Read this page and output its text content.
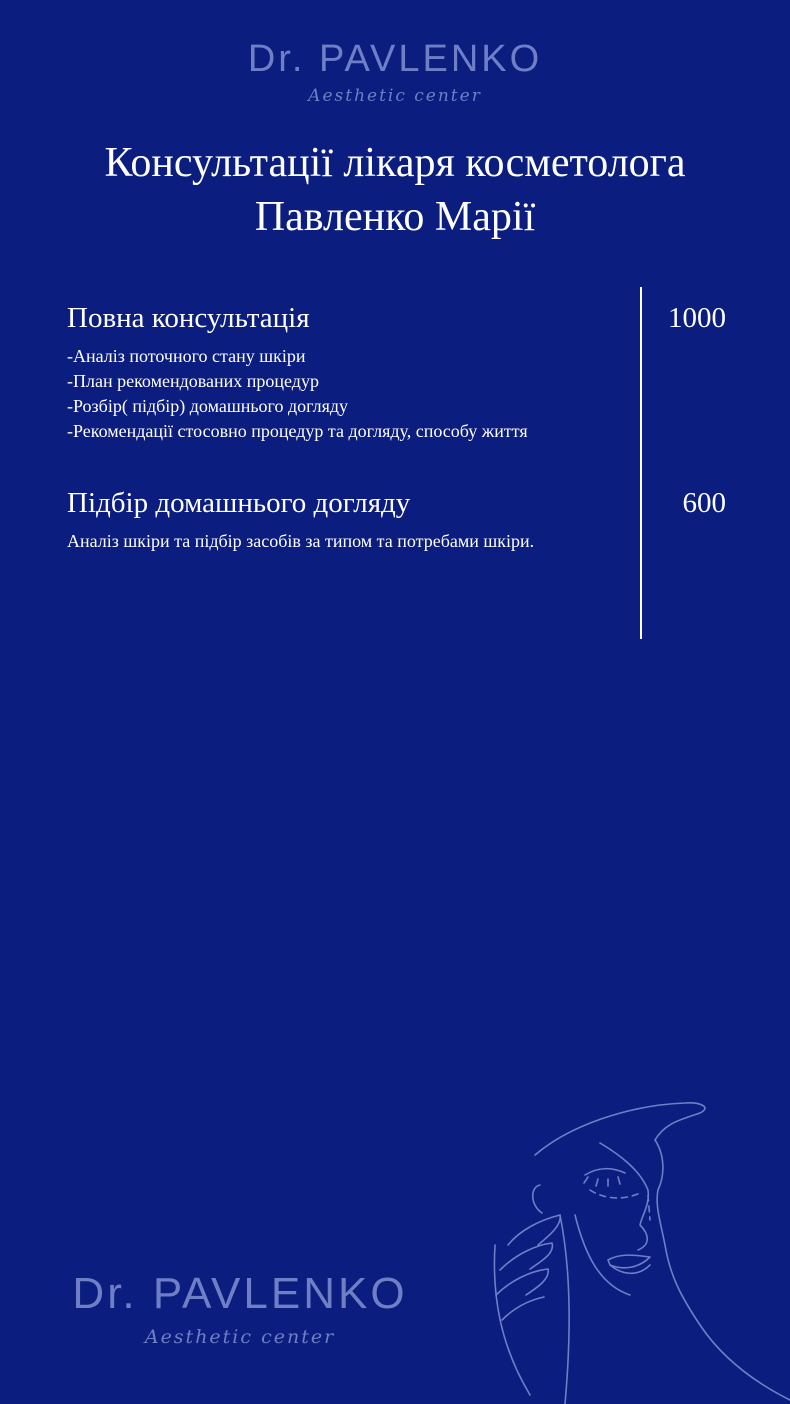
Dr. PAVLENKO
Aesthetic center
Консультації лікаря косметолога
Павленко Марії
Повна консультація
-Аналіз поточного стану шкіри
-План рекомендованих процедур
-Розбір( підбір) домашнього догляду
-Рекомендації стосовно процедур та догляду, способу життя
1000
Підбір домашнього догляду
Аналіз шкіри та підбір засобів за типом та потребами шкіри.
600
Dr. PAVLENKO
Aesthetic center
